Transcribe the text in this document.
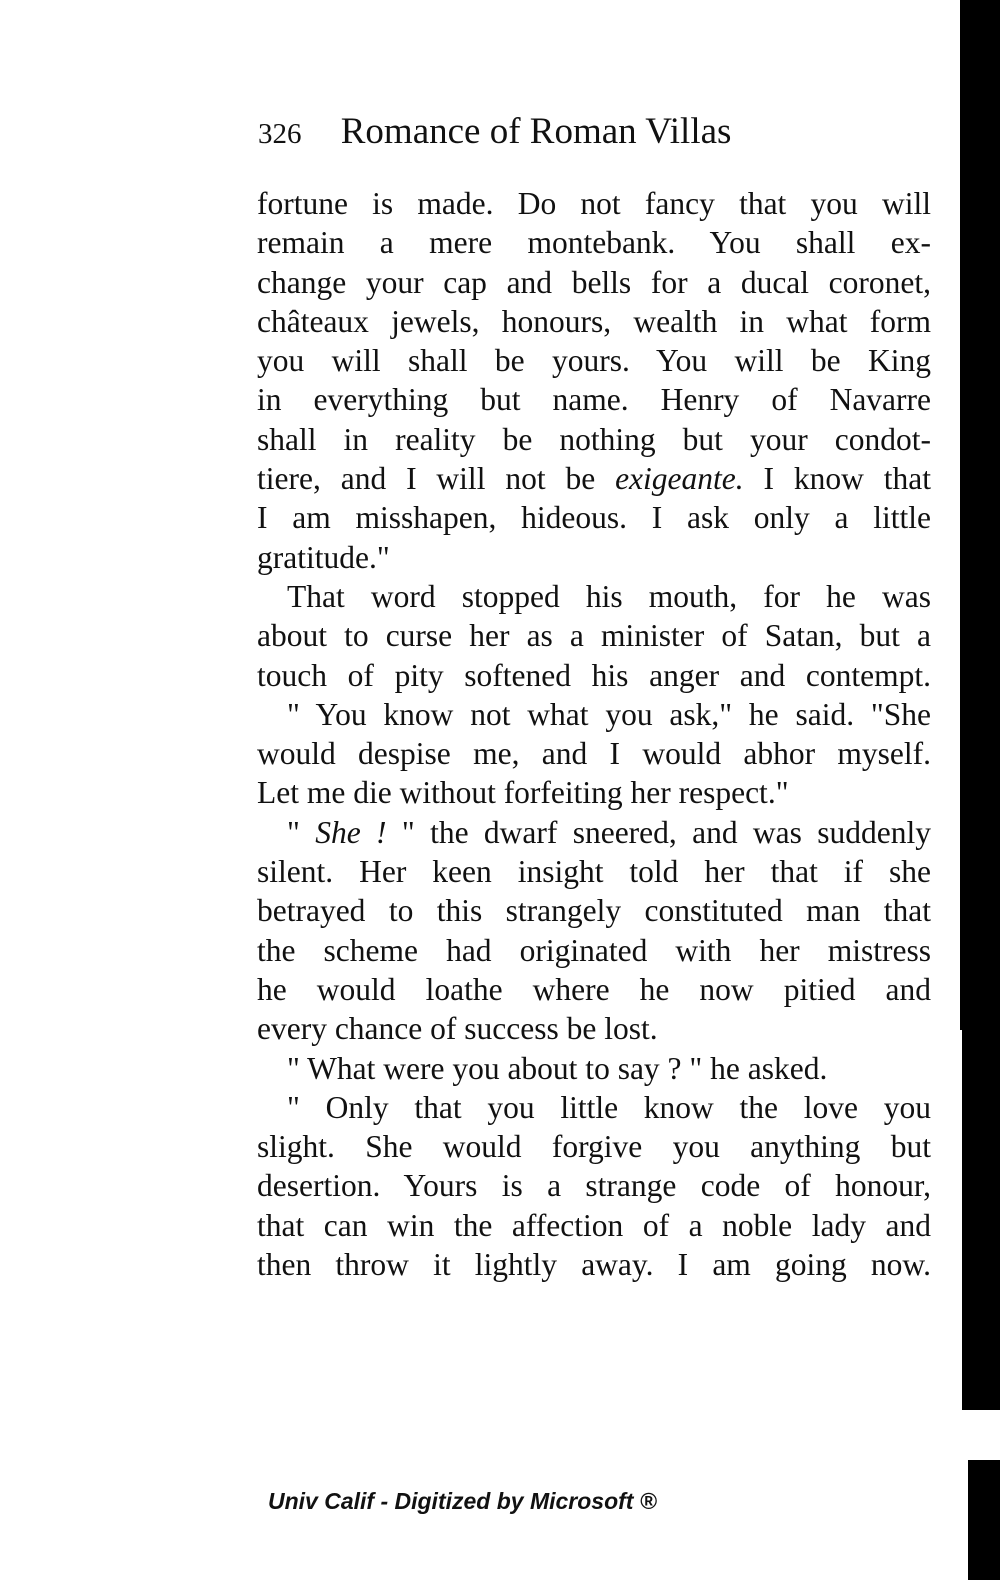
326 Romance of Roman Villas
fortune is made. Do not fancy that you will
remain a mere montebank. You shall ex-
change your cap and bells for a ducal coronet,
châteaux jewels, honours, wealth in what form
you will shall be yours. You will be King
in everything but name. Henry of Navarre
shall in reality be nothing but your condot-
tiere, and I will not be exigeante. I know that
I am misshapen, hideous. I ask only a little
gratitude."
That word stopped his mouth, for he was
about to curse her as a minister of Satan, but a
touch of pity softened his anger and contempt.
" You know not what you ask," he said. "She
would despise me, and I would abhor myself.
Let me die without forfeiting her respect."
" She ! " the dwarf sneered, and was suddenly
silent. Her keen insight told her that if she
betrayed to this strangely constituted man that
the scheme had originated with her mistress
he would loathe where he now pitied and
every chance of success be lost.
" What were you about to say ? " he asked.
" Only that you little know the love you
slight. She would forgive you anything but
desertion. Yours is a strange code of honour,
that can win the affection of a noble lady and
then throw it lightly away. I am going now.
Univ Calif - Digitized by Microsoft ®
